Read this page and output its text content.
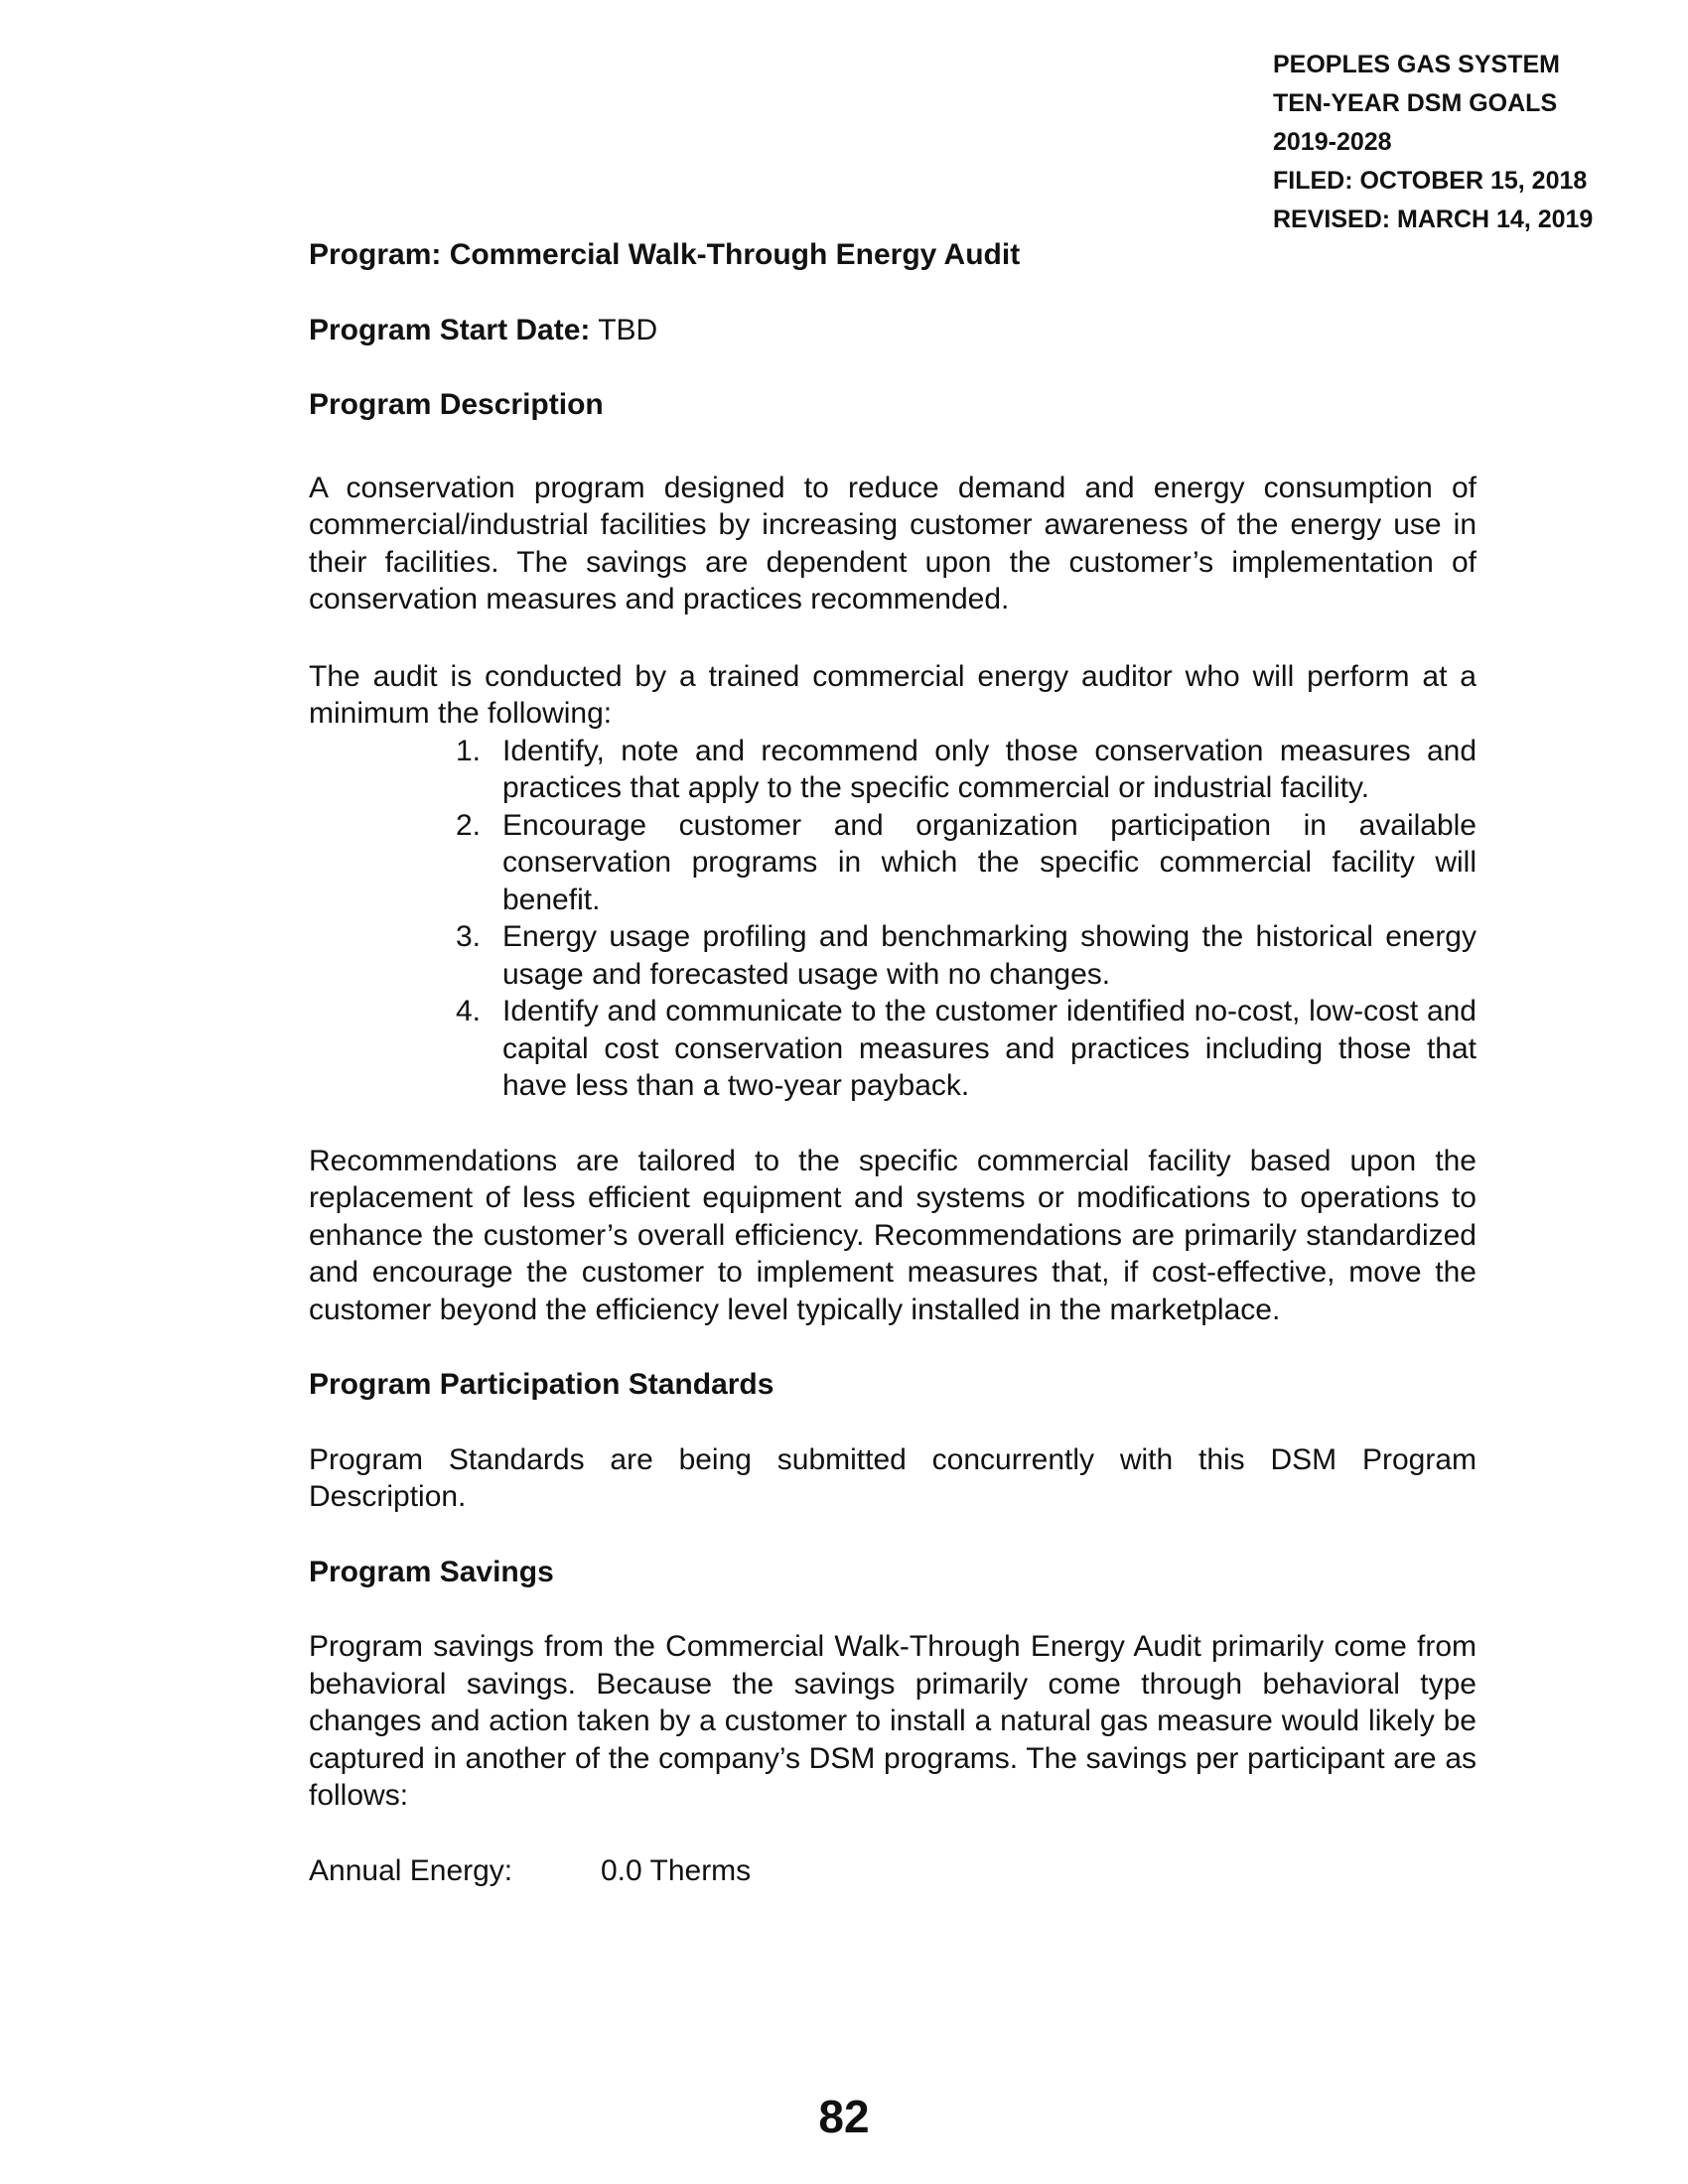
PEOPLES GAS SYSTEM
TEN-YEAR DSM GOALS
2019-2028
FILED: OCTOBER 15, 2018
REVISED: MARCH 14, 2019

Program: Commercial Walk-Through Energy Audit

Program Start Date: TBD

Program Description

A conservation program designed to reduce demand and energy consumption of commercial/industrial facilities by increasing customer awareness of the energy use in their facilities. The savings are dependent upon the customer’s implementation of conservation measures and practices recommended.

The audit is conducted by a trained commercial energy auditor who will perform at a minimum the following:

1. Identify, note and recommend only those conservation measures and practices that apply to the specific commercial or industrial facility.
2. Encourage customer and organization participation in available conservation programs in which the specific commercial facility will benefit.
3. Energy usage profiling and benchmarking showing the historical energy usage and forecasted usage with no changes.
4. Identify and communicate to the customer identified no-cost, low-cost and capital cost conservation measures and practices including those that have less than a two-year payback.

Recommendations are tailored to the specific commercial facility based upon the replacement of less efficient equipment and systems or modifications to operations to enhance the customer’s overall efficiency. Recommendations are primarily standardized and encourage the customer to implement measures that, if cost-effective, move the customer beyond the efficiency level typically installed in the marketplace.

Program Participation Standards

Program Standards are being submitted concurrently with this DSM Program Description.

Program Savings

Program savings from the Commercial Walk-Through Energy Audit primarily come from behavioral savings. Because the savings primarily come through behavioral type changes and action taken by a customer to install a natural gas measure would likely be captured in another of the company’s DSM programs. The savings per participant are as follows:

Annual Energy:	0.0 Therms
82
